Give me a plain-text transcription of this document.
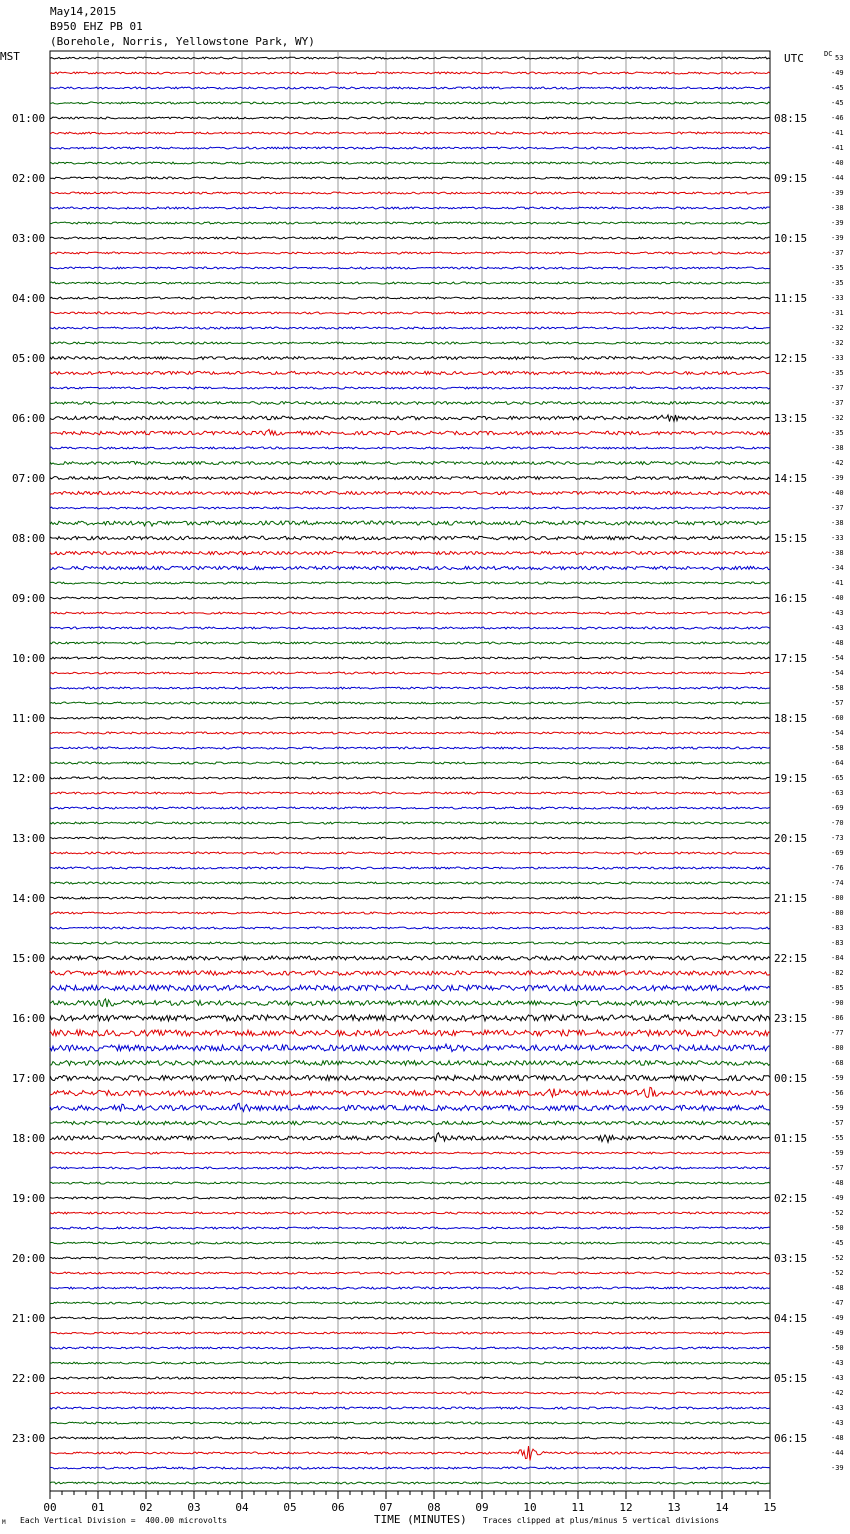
May14,2015
B950 EHZ PB 01
(Borehole, Norris, Yellowstone Park, WY)
MST	DC
01:00
02:00
03:00
04:00
05:00
06:00
07:00
08:00
09:00
10:00
11:00
12:00
13:00
14:00
15:00
16:00
17:00
18:00
19:00
20:00
21:00
22:00
23:00
UTC
08:15
09:15
10:15
11:15
12:15
13:15
14:15
15:15
16:15
17:15
18:15
19:15
20:15
21:15
22:15
23:15
00:15
01:15
02:15
03:15
04:15
05:15
06:15
53
-49
-45
-45
-46
-41
-41
-40
-44
-39
-38
-39
-39
-37
-35
-35
-33
-31
-32
-32
-33
-35
-37
-37
-32
-35
-38
-42
-39
-40
-37
-38
-33
-38
-34
-41
-40
-43
-43
-48
-54
-54
-58
-57
-60
-54
-58
-64
-65
-63
-69
-70
-73
-69
-76
-74
-80
-80
-83
-83
-84
-82
-85
-90
-86
-77
-80
-68
-59
-56
-59
-57
-55
-59
-57
-48
-49
-52
-50
-45
-52
-52
-48
-47
-49
-49
-50
-43
-43
-42
-43
-43
-48
-44
-39
00	01	02	03	04	05	06	07	08	09	10	11	12	13	14	15
M Each Vertical Division =  400.00 microvolts	TIME (MINUTES) Traces clipped at plus/minus 5 vertical divisions
